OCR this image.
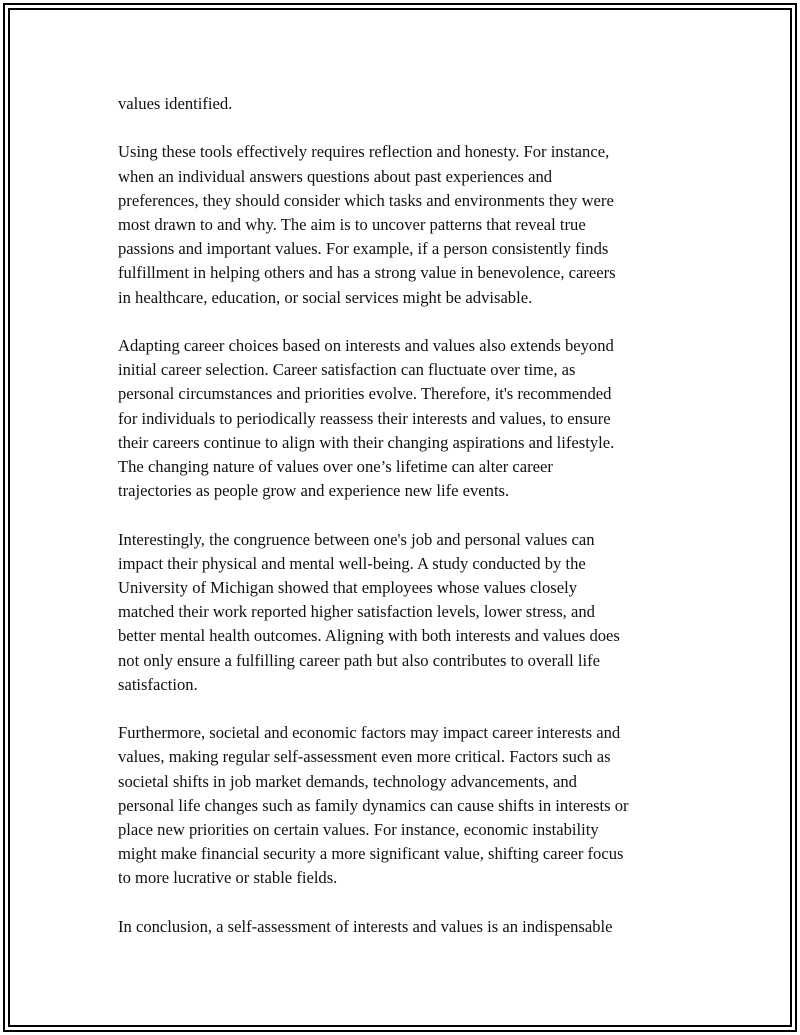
values identified.

Using these tools effectively requires reflection and honesty. For instance,
when an individual answers questions about past experiences and
preferences, they should consider which tasks and environments they were
most drawn to and why. The aim is to uncover patterns that reveal true
passions and important values. For example, if a person consistently finds
fulfillment in helping others and has a strong value in benevolence, careers
in healthcare, education, or social services might be advisable.

Adapting career choices based on interests and values also extends beyond
initial career selection. Career satisfaction can fluctuate over time, as
personal circumstances and priorities evolve. Therefore, it's recommended
for individuals to periodically reassess their interests and values, to ensure
their careers continue to align with their changing aspirations and lifestyle.
The changing nature of values over one’s lifetime can alter career
trajectories as people grow and experience new life events.

Interestingly, the congruence between one's job and personal values can
impact their physical and mental well-being. A study conducted by the
University of Michigan showed that employees whose values closely
matched their work reported higher satisfaction levels, lower stress, and
better mental health outcomes. Aligning with both interests and values does
not only ensure a fulfilling career path but also contributes to overall life
satisfaction.

Furthermore, societal and economic factors may impact career interests and
values, making regular self-assessment even more critical. Factors such as
societal shifts in job market demands, technology advancements, and
personal life changes such as family dynamics can cause shifts in interests or
place new priorities on certain values. For instance, economic instability
might make financial security a more significant value, shifting career focus
to more lucrative or stable fields.

In conclusion, a self-assessment of interests and values is an indispensable
